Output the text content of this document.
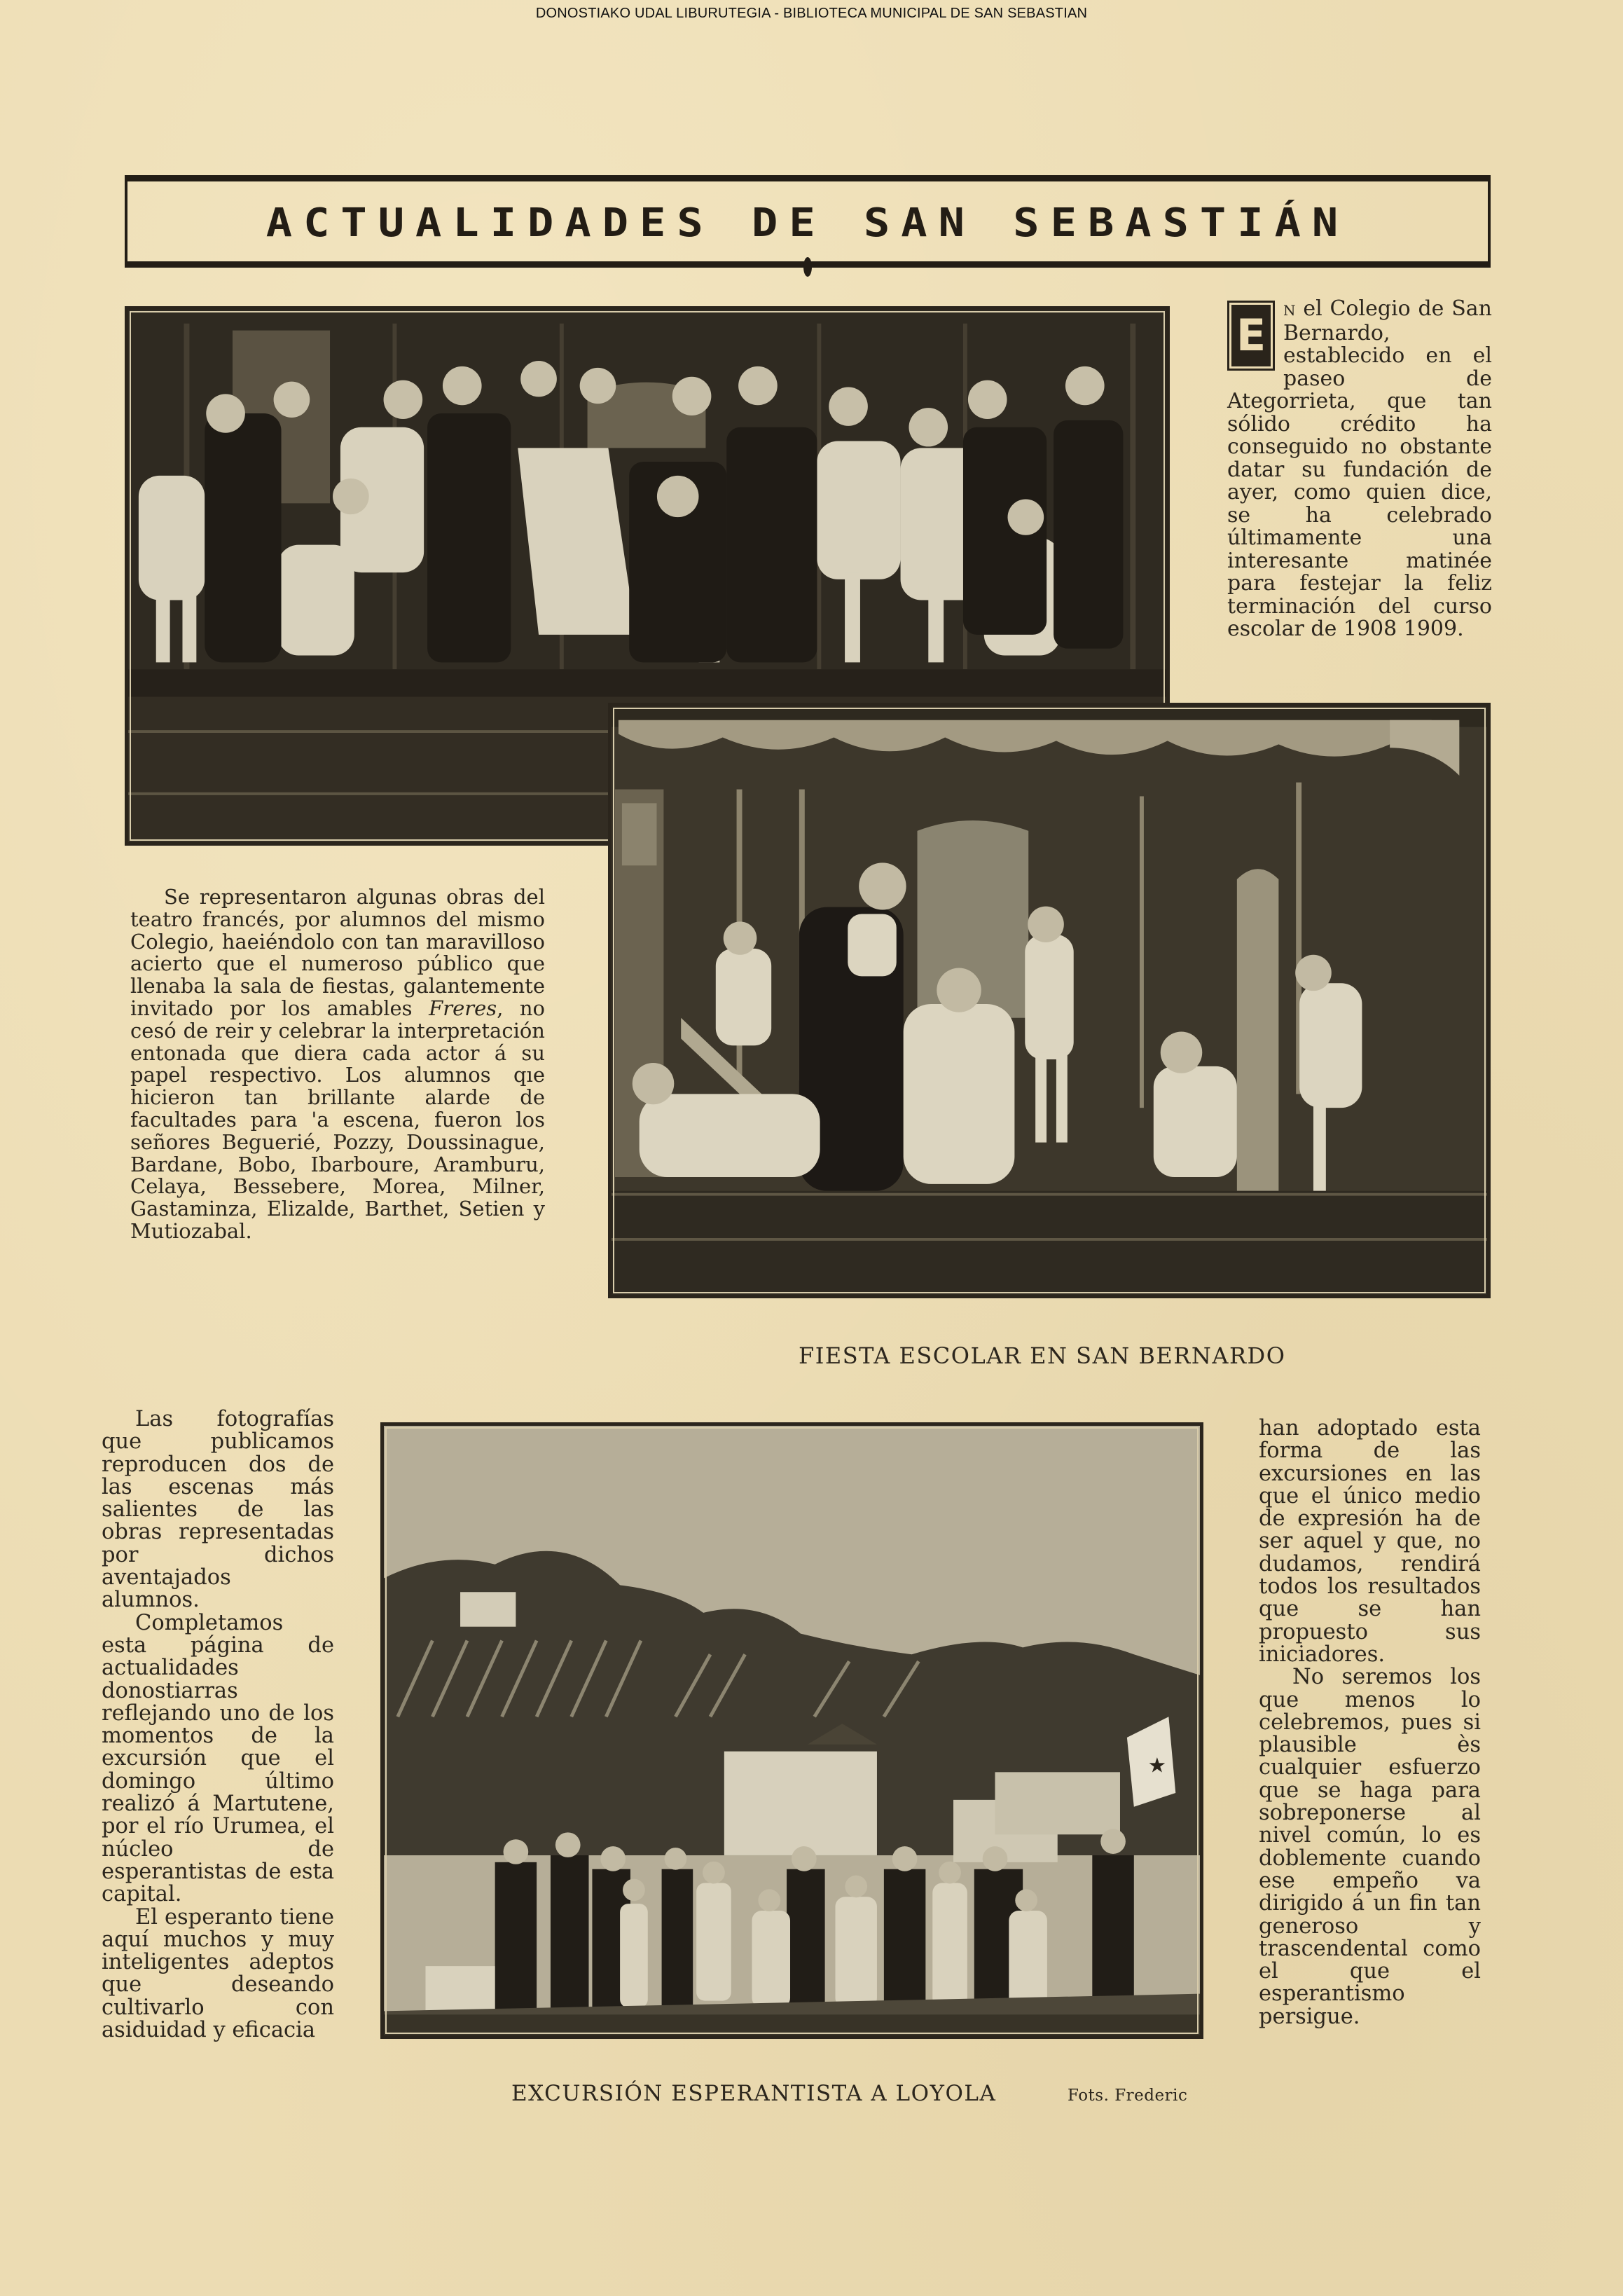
DONOSTIAKO UDAL LIBURUTEGIA - BIBLIOTECA MUNICIPAL DE SAN SEBASTIAN
ACTUALIDADES DE SAN SEBASTIÁN
★
E	N el Colegio de San Bernardo, establecido en el paseo de Ategorrieta, que tan sólido crédito ha conseguido no obstante datar su fundación de ayer, como quien dice, se ha celebrado últimamente una interesante matinée para festejar la feliz terminación del curso escolar de 1908 1909.

Se representaron algunas obras del teatro francés, por alumnos del mismo Colegio, haeiéndolo con tan maravilloso acierto que el numeroso público que llenaba la sala de fiestas, galantemente invitado por los amables Freres, no cesó de reir y celebrar la interpretación entonada que diera cada actor á su papel respectivo. Los alumnos qıe hicieron tan brillante alarde de facultades para 'a escena, fueron los señores Beguerié, Pozzy, Doussinague, Bardane, Bobo, Ibarboure, Aramburu, Celaya, Bessebere, Morea, Milner, Gastaminza, Elizalde, Barthet, Setien y Mutiozabal.

FIESTA ESCOLAR EN SAN BERNARDO

Las fotografías que publicamos reproducen dos de las escenas más salientes de las obras representadas por dichos aventajados alumnos.

Completamos esta página de actualidades donostiarras reflejando uno de los momentos de la excursión que el domingo último realizó á Martutene, por el río Urumea, el núcleo de esperantistas de esta capital.

El esperanto tiene aquí muchos y muy inteligentes adeptos que deseando cultivarlo con asiduidad y eficacia

han adoptado esta forma de las excursiones en las que el único medio de expresión ha de ser aquel y que, no dudamos, rendirá todos los resultados que se han propuesto sus iniciadores.

No seremos los que menos lo celebremos, pues si plausible ès cualquier esfuerzo que se haga para sobreponerse al nivel común, lo es doblemente cuando ese empeño va dirigido á un fin tan generoso y trascendental como el que el esperantismo persigue.

EXCURSIÓN ESPERANTISTA A LOYOLA	Fots. Frederic
